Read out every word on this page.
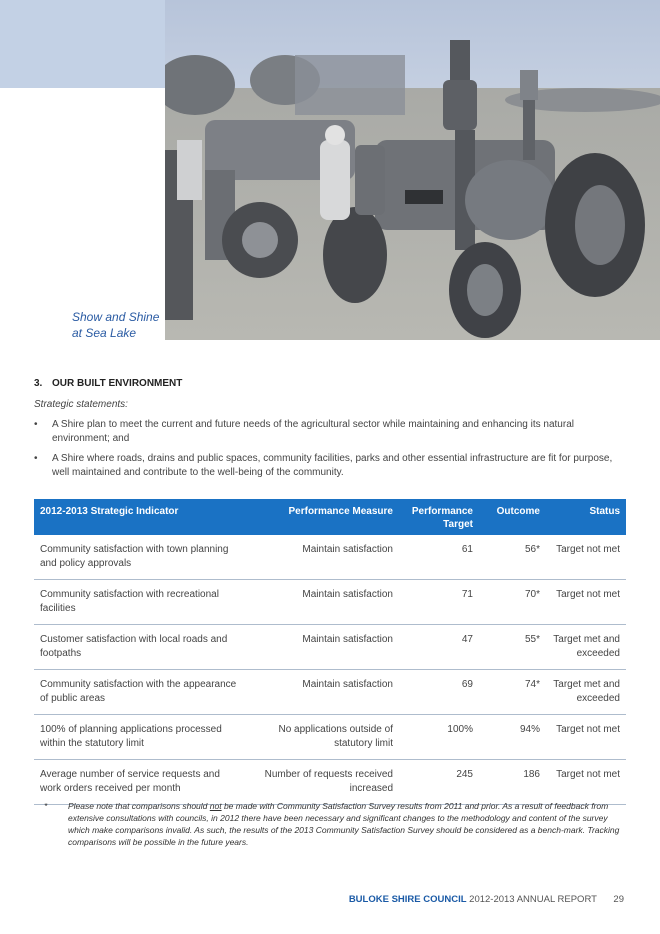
Show and Shine
at Sea Lake
3. OUR BUILT ENVIRONMENT
Strategic statements:
• A Shire plan to meet the current and future needs of the agricultural sector while maintaining and enhancing its natural environment; and
• A Shire where roads, drains and public spaces, community facilities, parks and other essential infrastructure are fit for purpose, well maintained and contribute to the well-being of the community.
2012-2013 Strategic Indicator	Performance Measure	Performance Target	Outcome	Status
Community satisfaction with town planning and policy approvals	Maintain satisfaction	61	56*	Target not met
Community satisfaction with recreational facilities	Maintain satisfaction	71	70*	Target not met
Customer satisfaction with local roads and footpaths	Maintain satisfaction	47	55*	Target met and exceeded
Community satisfaction with the appearance of public areas	Maintain satisfaction	69	74*	Target met and exceeded
100% of planning applications processed within the statutory limit	No applications outside of statutory limit	100%	94%	Target not met
Average number of service requests and work orders received per month	Number of requests received increased	245	186	Target not met
* Please note that comparisons should not be made with Community Satisfaction Survey results from 2011 and prior. As a result of feedback from extensive consultations with councils, in 2012 there have been necessary and significant changes to the methodology and content of the survey which make comparisons invalid. As such, the results of the 2013 Community Satisfaction Survey should be considered as a bench-mark. Tracking comparisons will be possible in the future years.
BULOKE SHIRE COUNCIL 2012-2013 ANNUAL REPORT 29
